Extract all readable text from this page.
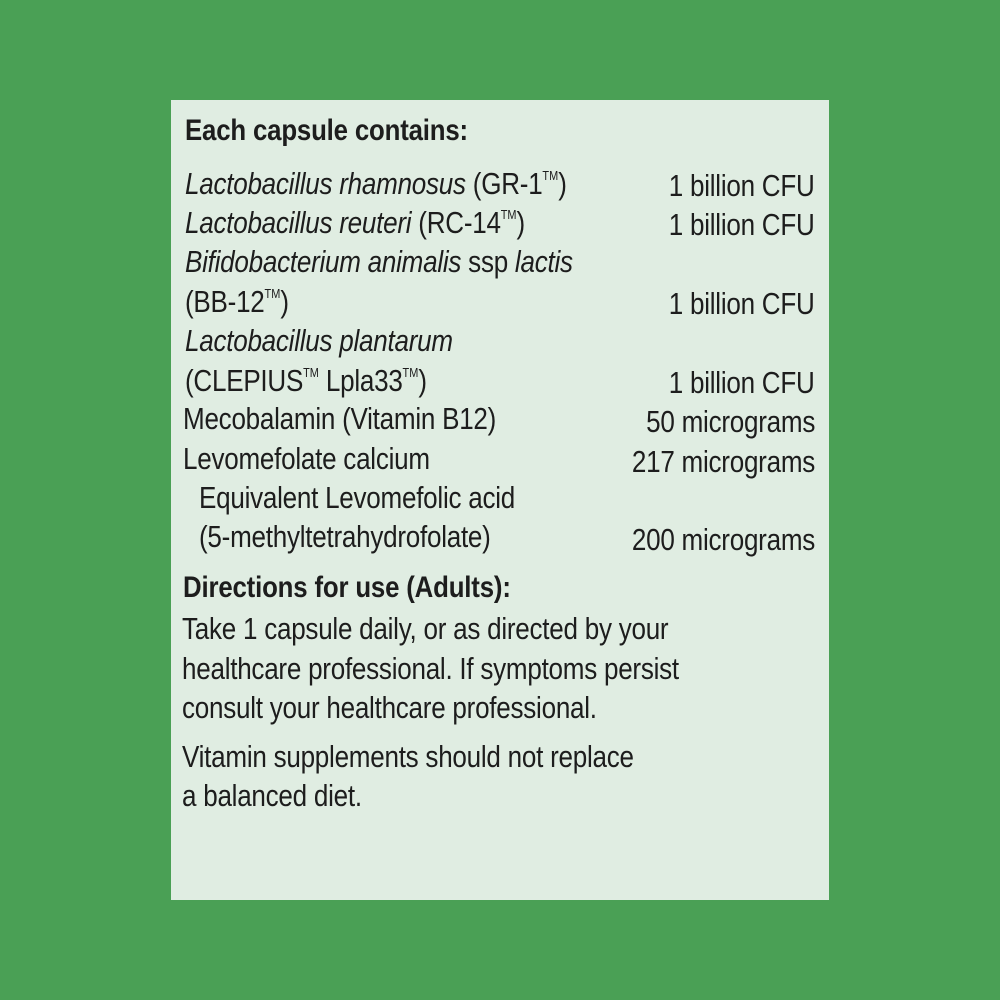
Each capsule contains:
Lactobacillus rhamnosus (GR-1™)	1 billion CFU
Lactobacillus reuteri (RC-14™)	1 billion CFU
Bifidobacterium animalis ssp lactis
(BB-12™)	1 billion CFU
Lactobacillus plantarum
(CLEPIUS™ Lpla33™)	1 billion CFU
Mecobalamin (Vitamin B12)	50 micrograms
Levomefolate calcium	217 micrograms
Equivalent Levomefolic acid
(5-methyltetrahydrofolate)	200 micrograms
Directions for use (Adults):
Take 1 capsule daily, or as directed by your
healthcare professional. If symptoms persist
consult your healthcare professional.
Vitamin supplements should not replace
a balanced diet.
